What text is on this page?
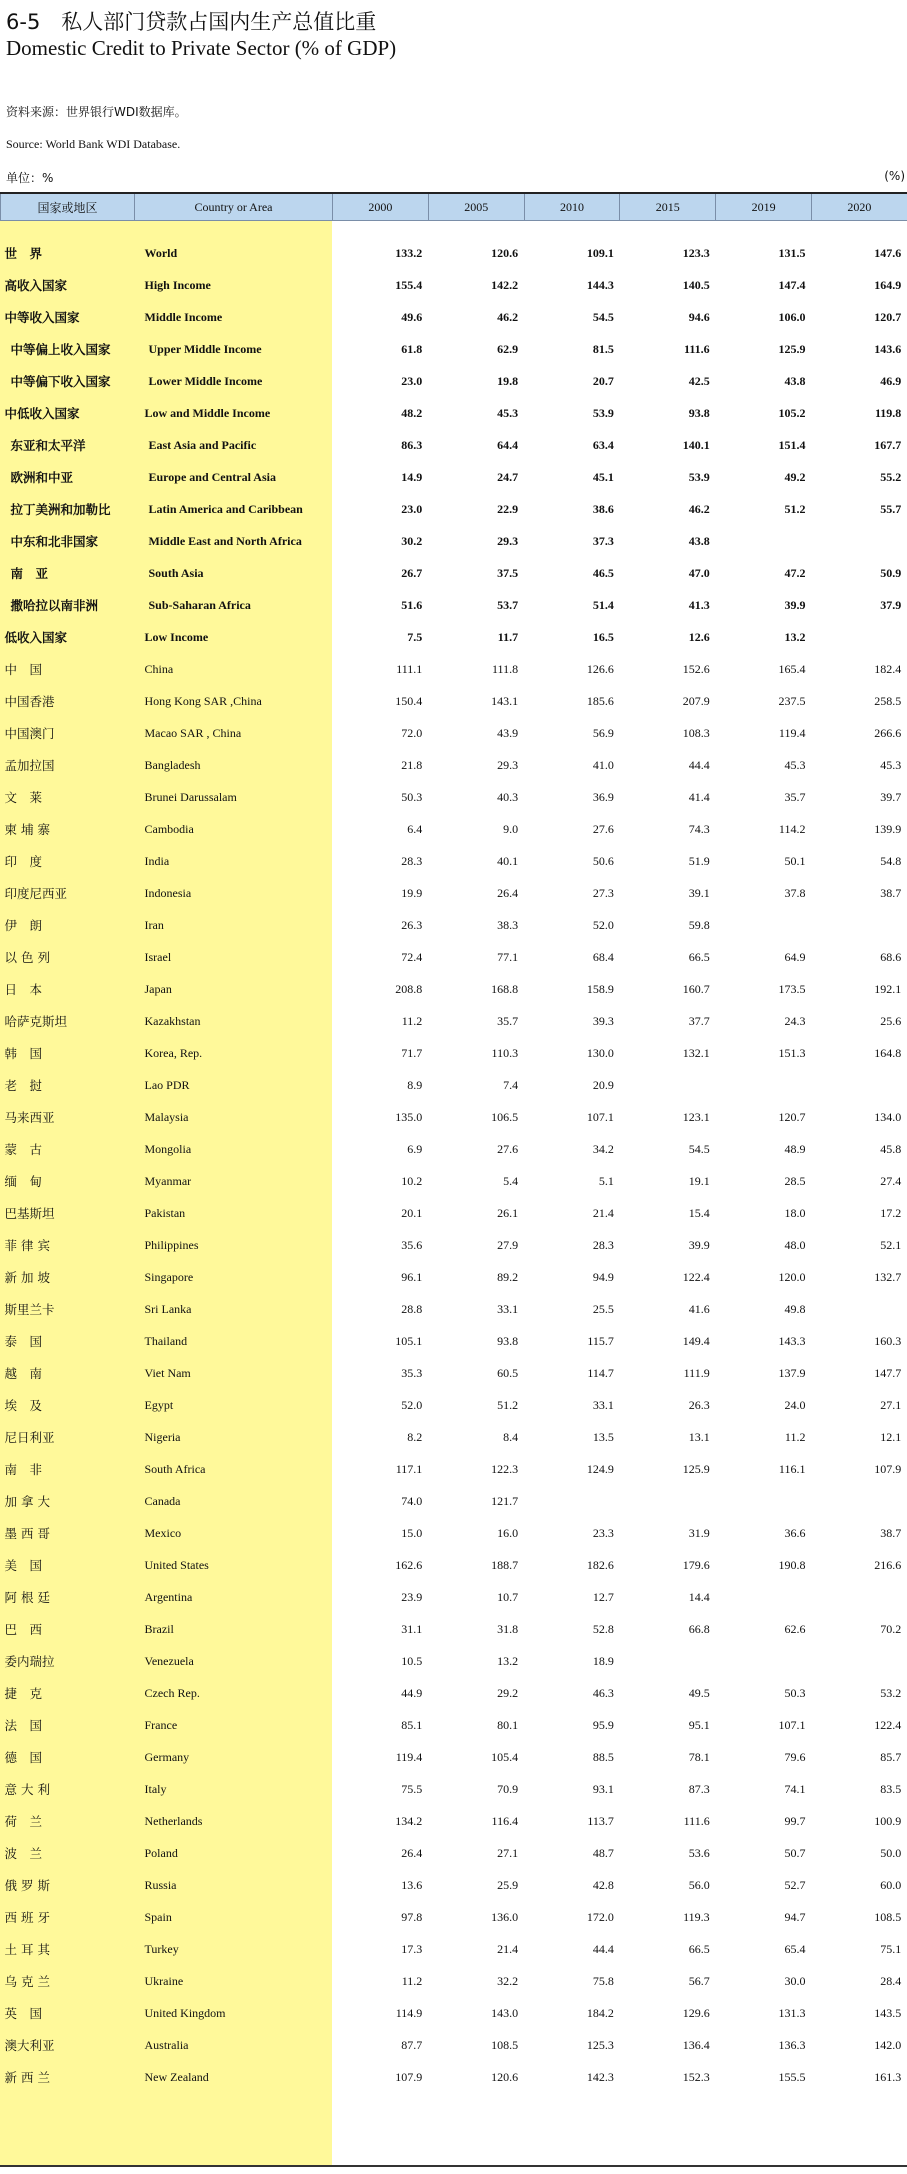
6-5　私人部门贷款占国内生产总值比重
Domestic Credit to Private Sector (% of GDP)
资料来源：世界银行WDI数据库。
Source: World Bank WDI Database.
单位：%	(%)
国家或地区	Country or Area	2000	2005	2010	2015	2019	2020

世　界	World	133.2	120.6	109.1	123.3	131.5	147.6
高收入国家	High Income	155.4	142.2	144.3	140.5	147.4	164.9
中等收入国家	Middle Income	49.6	46.2	54.5	94.6	106.0	120.7
中等偏上收入国家	Upper Middle Income	61.8	62.9	81.5	111.6	125.9	143.6
中等偏下收入国家	Lower Middle Income	23.0	19.8	20.7	42.5	43.8	46.9
中低收入国家	Low and Middle Income	48.2	45.3	53.9	93.8	105.2	119.8
东亚和太平洋	East Asia and Pacific	86.3	64.4	63.4	140.1	151.4	167.7
欧洲和中亚	Europe and Central Asia	14.9	24.7	45.1	53.9	49.2	55.2
拉丁美洲和加勒比	Latin America and Caribbean	23.0	22.9	38.6	46.2	51.2	55.7
中东和北非国家	Middle East and North Africa	30.2	29.3	37.3	43.8		
南　亚	South Asia	26.7	37.5	46.5	47.0	47.2	50.9
撒哈拉以南非洲	Sub-Saharan Africa	51.6	53.7	51.4	41.3	39.9	37.9
低收入国家	Low Income	7.5	11.7	16.5	12.6	13.2	
中　国	China	111.1	111.8	126.6	152.6	165.4	182.4
中国香港	Hong Kong SAR ,China	150.4	143.1	185.6	207.9	237.5	258.5
中国澳门	Macao SAR , China	72.0	43.9	56.9	108.3	119.4	266.6
孟加拉国	Bangladesh	21.8	29.3	41.0	44.4	45.3	45.3
文　莱	Brunei Darussalam	50.3	40.3	36.9	41.4	35.7	39.7
柬 埔 寨	Cambodia	6.4	9.0	27.6	74.3	114.2	139.9
印　度	India	28.3	40.1	50.6	51.9	50.1	54.8
印度尼西亚	Indonesia	19.9	26.4	27.3	39.1	37.8	38.7
伊　朗	Iran	26.3	38.3	52.0	59.8		
以 色 列	Israel	72.4	77.1	68.4	66.5	64.9	68.6
日　本	Japan	208.8	168.8	158.9	160.7	173.5	192.1
哈萨克斯坦	Kazakhstan	11.2	35.7	39.3	37.7	24.3	25.6
韩　国	Korea, Rep.	71.7	110.3	130.0	132.1	151.3	164.8
老　挝	Lao PDR	8.9	7.4	20.9			
马来西亚	Malaysia	135.0	106.5	107.1	123.1	120.7	134.0
蒙　古	Mongolia	6.9	27.6	34.2	54.5	48.9	45.8
缅　甸	Myanmar	10.2	5.4	5.1	19.1	28.5	27.4
巴基斯坦	Pakistan	20.1	26.1	21.4	15.4	18.0	17.2
菲 律 宾	Philippines	35.6	27.9	28.3	39.9	48.0	52.1
新 加 坡	Singapore	96.1	89.2	94.9	122.4	120.0	132.7
斯里兰卡	Sri Lanka	28.8	33.1	25.5	41.6	49.8	
泰　国	Thailand	105.1	93.8	115.7	149.4	143.3	160.3
越　南	Viet Nam	35.3	60.5	114.7	111.9	137.9	147.7
埃　及	Egypt	52.0	51.2	33.1	26.3	24.0	27.1
尼日利亚	Nigeria	8.2	8.4	13.5	13.1	11.2	12.1
南　非	South Africa	117.1	122.3	124.9	125.9	116.1	107.9
加 拿 大	Canada	74.0	121.7				
墨 西 哥	Mexico	15.0	16.0	23.3	31.9	36.6	38.7
美　国	United States	162.6	188.7	182.6	179.6	190.8	216.6
阿 根 廷	Argentina	23.9	10.7	12.7	14.4		
巴　西	Brazil	31.1	31.8	52.8	66.8	62.6	70.2
委内瑞拉	Venezuela	10.5	13.2	18.9			
捷　克	Czech Rep.	44.9	29.2	46.3	49.5	50.3	53.2
法　国	France	85.1	80.1	95.9	95.1	107.1	122.4
德　国	Germany	119.4	105.4	88.5	78.1	79.6	85.7
意 大 利	Italy	75.5	70.9	93.1	87.3	74.1	83.5
荷　兰	Netherlands	134.2	116.4	113.7	111.6	99.7	100.9
波　兰	Poland	26.4	27.1	48.7	53.6	50.7	50.0
俄 罗 斯	Russia	13.6	25.9	42.8	56.0	52.7	60.0
西 班 牙	Spain	97.8	136.0	172.0	119.3	94.7	108.5
土 耳 其	Turkey	17.3	21.4	44.4	66.5	65.4	75.1
乌 克 兰	Ukraine	11.2	32.2	75.8	56.7	30.0	28.4
英　国	United Kingdom	114.9	143.0	184.2	129.6	131.3	143.5
澳大利亚	Australia	87.7	108.5	125.3	136.4	136.3	142.0
新 西 兰	New Zealand	107.9	120.6	142.3	152.3	155.5	161.3
